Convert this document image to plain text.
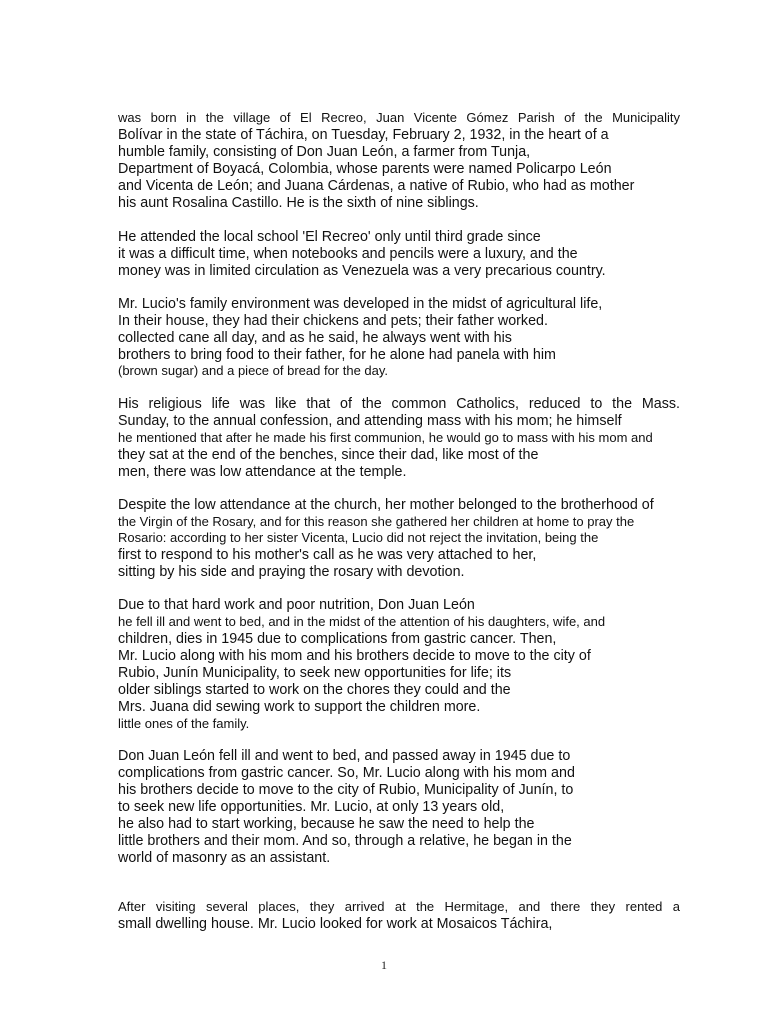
was born in the village of El Recreo, Juan Vicente Gómez Parish of the Municipality

Bolívar in the state of Táchira, on Tuesday, February 2, 1932, in the heart of a

humble family, consisting of Don Juan León, a farmer from Tunja,

Department of Boyacá, Colombia, whose parents were named Policarpo León

and Vicenta de León; and Juana Cárdenas, a native of Rubio, who had as mother

his aunt Rosalina Castillo. He is the sixth of nine siblings.

He attended the local school 'El Recreo' only until third grade since

it was a difficult time, when notebooks and pencils were a luxury, and the

money was in limited circulation as Venezuela was a very precarious country.

Mr. Lucio's family environment was developed in the midst of agricultural life,

In their house, they had their chickens and pets; their father worked.

collected cane all day, and as he said, he always went with his

brothers to bring food to their father, for he alone had panela with him

(brown sugar) and a piece of bread for the day.

His religious life was like that of the common Catholics, reduced to the Mass.

Sunday, to the annual confession, and attending mass with his mom; he himself

he mentioned that after he made his first communion, he would go to mass with his mom and

they sat at the end of the benches, since their dad, like most of the

men, there was low attendance at the temple.

Despite the low attendance at the church, her mother belonged to the brotherhood of

the Virgin of the Rosary, and for this reason she gathered her children at home to pray the

Rosario: according to her sister Vicenta, Lucio did not reject the invitation, being the

first to respond to his mother's call as he was very attached to her,

sitting by his side and praying the rosary with devotion.

Due to that hard work and poor nutrition, Don Juan León

he fell ill and went to bed, and in the midst of the attention of his daughters, wife, and

children, dies in 1945 due to complications from gastric cancer. Then,

Mr. Lucio along with his mom and his brothers decide to move to the city of

Rubio, Junín Municipality, to seek new opportunities for life; its

older siblings started to work on the chores they could and the

Mrs. Juana did sewing work to support the children more.

little ones of the family.

Don Juan León fell ill and went to bed, and passed away in 1945 due to

complications from gastric cancer. So, Mr. Lucio along with his mom and

his brothers decide to move to the city of Rubio, Municipality of Junín, to

to seek new life opportunities. Mr. Lucio, at only 13 years old,

he also had to start working, because he saw the need to help the

little brothers and their mom. And so, through a relative, he began in the

world of masonry as an assistant.

After visiting several places, they arrived at the Hermitage, and there they rented a

small dwelling house. Mr. Lucio looked for work at Mosaicos Táchira,

1
